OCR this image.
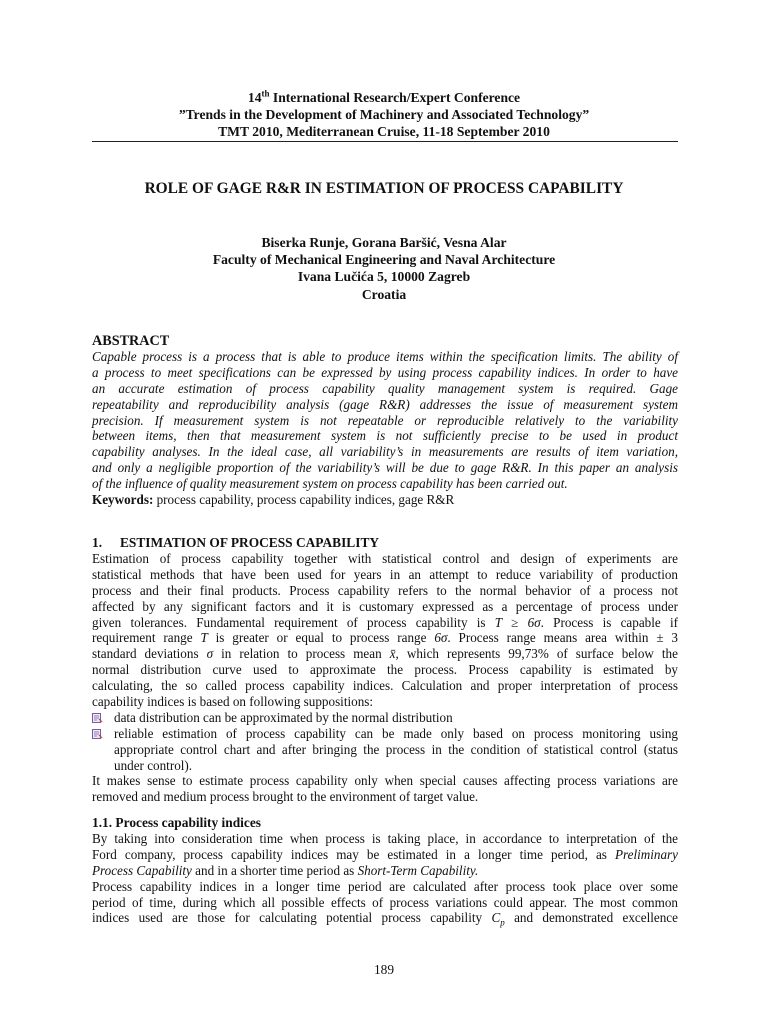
14th International Research/Expert Conference
”Trends in the Development of Machinery and Associated Technology”
TMT 2010, Mediterranean Cruise, 11-18 September 2010
ROLE OF GAGE R&R IN ESTIMATION OF PROCESS CAPABILITY
Biserka Runje, Gorana Baršić, Vesna Alar
Faculty of Mechanical Engineering and Naval Architecture
Ivana Lučića 5, 10000 Zagreb
Croatia
ABSTRACT
Capable process is a process that is able to produce items within the specification limits. The ability of
a process to meet specifications can be expressed by using process capability indices. In order to have
an accurate estimation of process capability quality management system is required. Gage
repeatability and reproducibility analysis (gage R&R) addresses the issue of measurement system
precision. If measurement system is not repeatable or reproducible relatively to the variability
between items, then that measurement system is not sufficiently precise to be used in product
capability analyses. In the ideal case, all variability’s in measurements are results of item variation,
and only a negligible proportion of the variability’s will be due to gage R&R. In this paper an analysis
of the influence of quality measurement system on process capability has been carried out.
Keywords: process capability, process capability indices, gage R&R
1. ESTIMATION OF PROCESS CAPABILITY
Estimation of process capability together with statistical control and design of experiments are
statistical methods that have been used for years in an attempt to reduce variability of production
process and their final products. Process capability refers to the normal behavior of a process not
affected by any significant factors and it is customary expressed as a percentage of process under
given tolerances. Fundamental requirement of process capability is T ≥ 6σ. Process is capable if
requirement range T is greater or equal to process range 6σ. Process range means area within ± 3
standard deviations σ in relation to process mean x̄, which represents 99,73% of surface below the
normal distribution curve used to approximate the process. Process capability is estimated by
calculating, the so called process capability indices. Calculation and proper interpretation of process
capability indices is based on following suppositions:
data distribution can be approximated by the normal distribution
reliable estimation of process capability can be made only based on process monitoring using
appropriate control chart and after bringing the process in the condition of statistical control (status
under control).
It makes sense to estimate process capability only when special causes affecting process variations are
removed and medium process brought to the environment of target value.
1.1. Process capability indices
By taking into consideration time when process is taking place, in accordance to interpretation of the
Ford company, process capability indices may be estimated in a longer time period, as Preliminary
Process Capability and in a shorter time period as Short-Term Capability.
Process capability indices in a longer time period are calculated after process took place over some
period of time, during which all possible effects of process variations could appear. The most common
indices used are those for calculating potential process capability $C_p$ and demonstrated excellence
189
